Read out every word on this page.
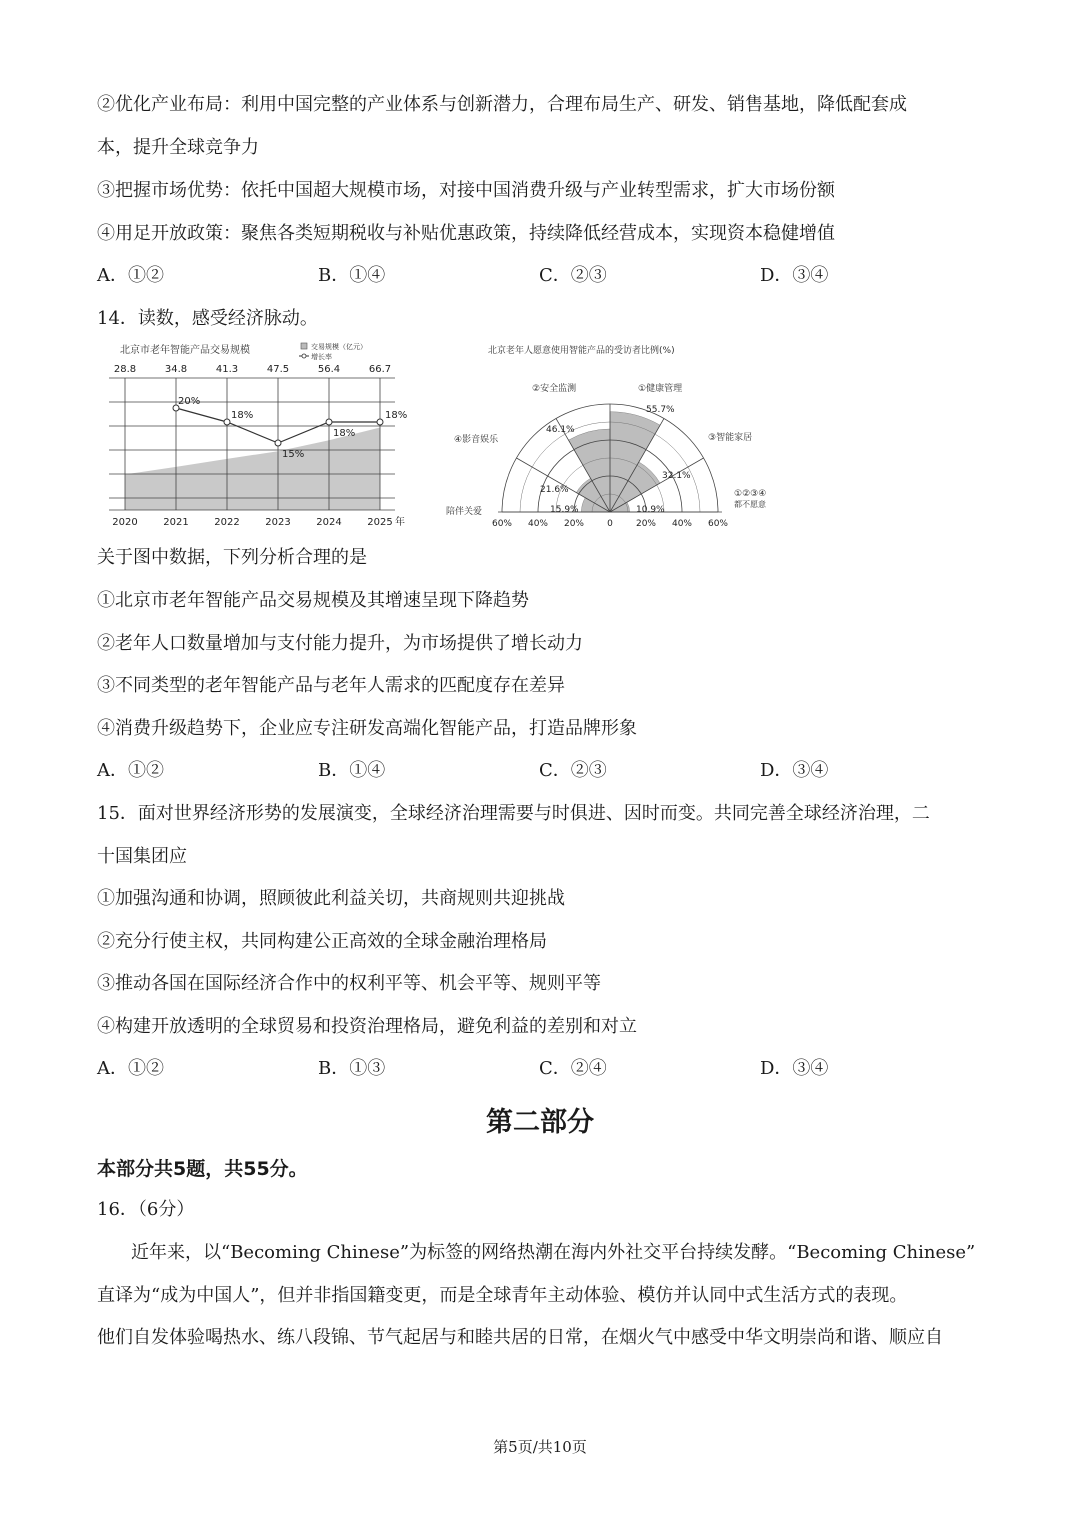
②优化产业布局：利用中国完整的产业体系与创新潜力，合理布局生产、研发、销售基地，降低配套成
本，提升全球竞争力
③把握市场优势：依托中国超大规模市场，对接中国消费升级与产业转型需求，扩大市场份额
④用足开放政策：聚焦各类短期税收与补贴优惠政策，持续降低经营成本，实现资本稳健增值
A．①②	B．①④	C．②③	D．③④
14．读数，感受经济脉动。
北京市老年智能产品交易规模	交易规模（亿元）
增长率
28.8	34.8	41.3	47.5	56.4	66.7
20%
18%
15%
18%
18%
2020	2021	2022	2023	2024	2025 年
北京老年人愿意使用智能产品的受访者比例(%)
①健康管理
②安全监测
③智能家居
④影音娱乐
陪伴关爱
①②③④
都不愿意
55.7%
46.1%
32.1%
21.6%
15.9%	10.9%
60% 40% 20%	0	20% 40% 60%
关于图中数据，下列分析合理的是
①北京市老年智能产品交易规模及其增速呈现下降趋势
②老年人口数量增加与支付能力提升，为市场提供了增长动力
③不同类型的老年智能产品与老年人需求的匹配度存在差异
④消费升级趋势下，企业应专注研发高端化智能产品，打造品牌形象
A．①②	B．①④	C．②③	D．③④
15．面对世界经济形势的发展演变，全球经济治理需要与时俱进、因时而变。共同完善全球经济治理，二
十国集团应
①加强沟通和协调，照顾彼此利益关切，共商规则共迎挑战
②充分行使主权，共同构建公正高效的全球金融治理格局
③推动各国在国际经济合作中的权利平等、机会平等、规则平等
④构建开放透明的全球贸易和投资治理格局，避免利益的差别和对立
A．①②	B．①③	C．②④	D．③④
第二部分
本部分共5题，共55分。
16．（6分）
近年来，以“Becoming Chinese”为标签的网络热潮在海内外社交平台持续发酵。“Becoming Chinese”
直译为“成为中国人”，但并非指国籍变更，而是全球青年主动体验、模仿并认同中式生活方式的表现。
他们自发体验喝热水、练八段锦、节气起居与和睦共居的日常，在烟火气中感受中华文明崇尚和谐、顺应自
第5页/共10页
